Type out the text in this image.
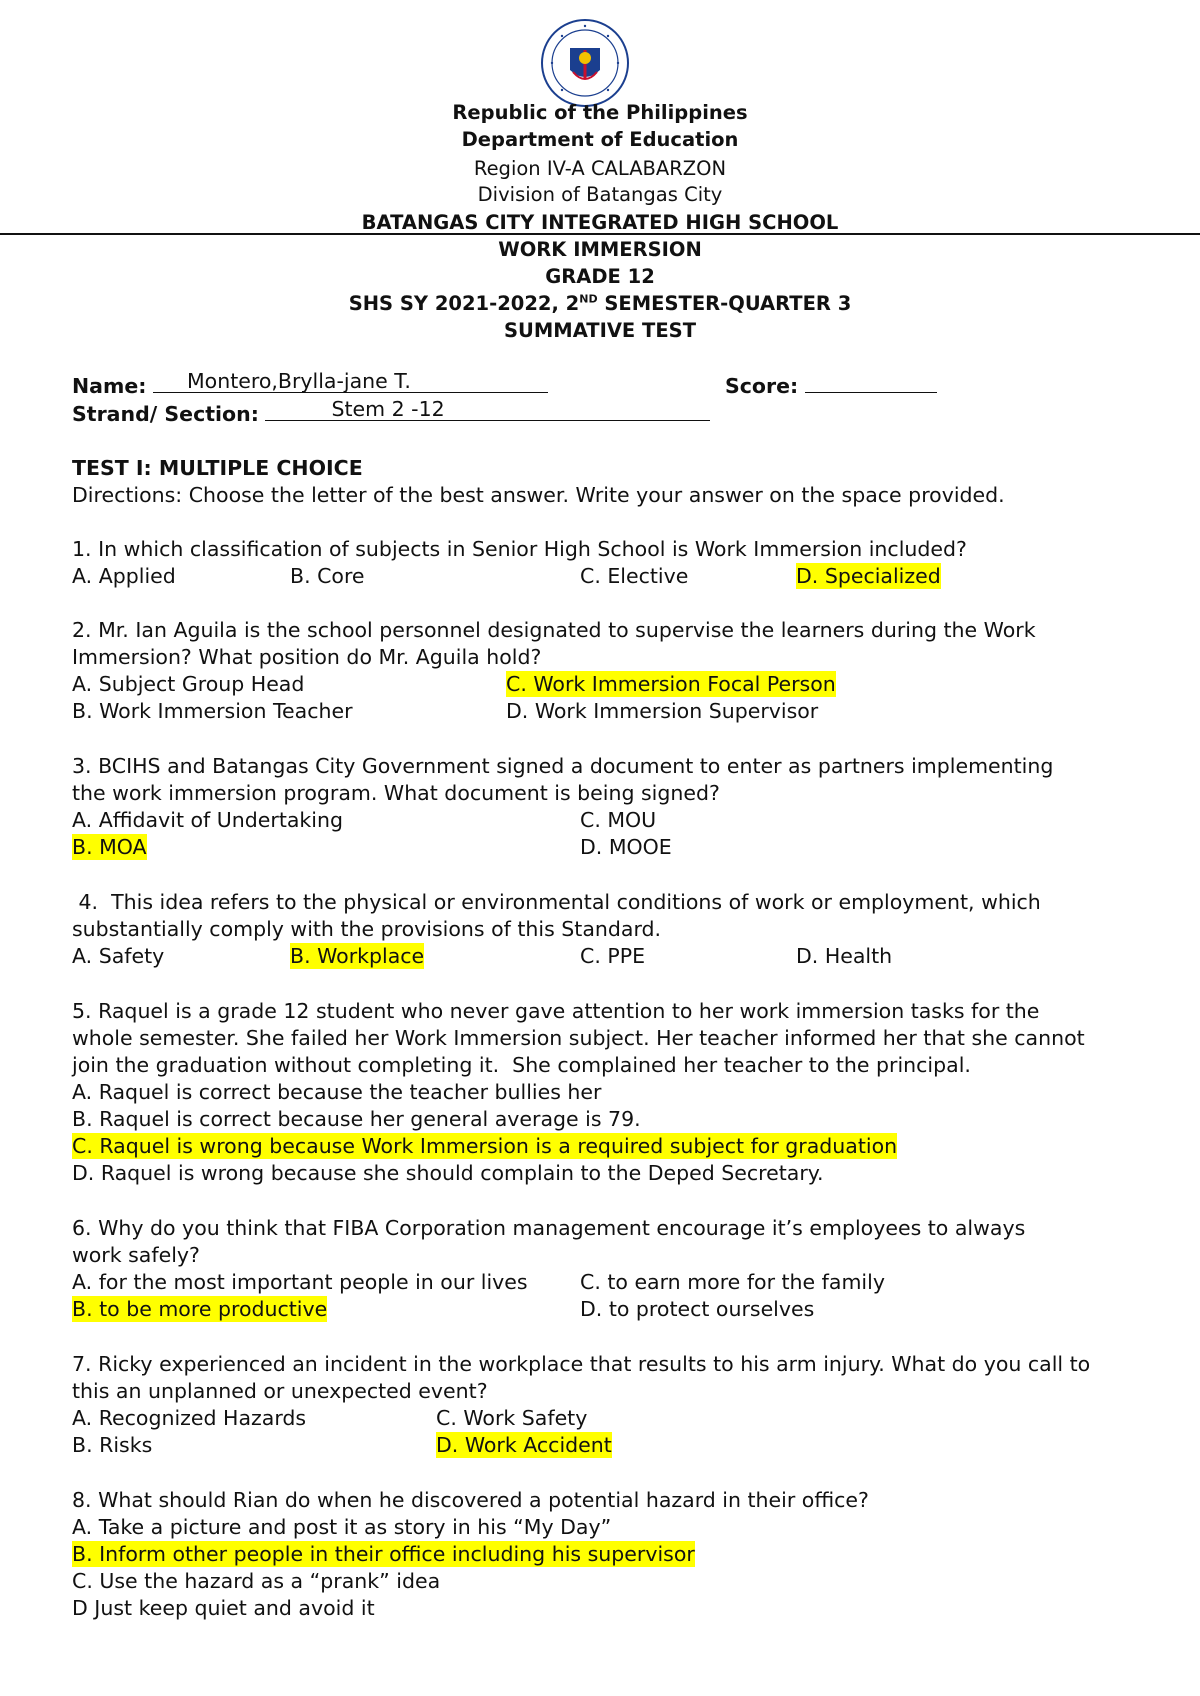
Republic of the Philippines
Department of Education
Region IV-A CALABARZON
Division of Batangas City
BATANGAS CITY INTEGRATED HIGH SCHOOL
WORK IMMERSION
GRADE 12
SHS SY 2021-2022, 2ND SEMESTER-QUARTER 3
SUMMATIVE TEST
Name: Montero,Brylla-jane T.	Score:
Strand/ Section:	Stem 2 -12
TEST I: MULTIPLE CHOICE
Directions: Choose the letter of the best answer. Write your answer on the space provided.
1. In which classification of subjects in Senior High School is Work Immersion included?
A. Applied	B. Core	C. Elective	D. Specialized
2. Mr. Ian Aguila is the school personnel designated to supervise the learners during the Work
Immersion? What position do Mr. Aguila hold?
A. Subject Group Head	C. Work Immersion Focal Person
B. Work Immersion Teacher	D. Work Immersion Supervisor
3. BCIHS and Batangas City Government signed a document to enter as partners implementing
the work immersion program. What document is being signed?
A. Affidavit of Undertaking	C. MOU
B. MOA	D. MOOE
4.  This idea refers to the physical or environmental conditions of work or employment, which
substantially comply with the provisions of this Standard.
A. Safety	B. Workplace	C. PPE	D. Health
5. Raquel is a grade 12 student who never gave attention to her work immersion tasks for the
whole semester. She failed her Work Immersion subject. Her teacher informed her that she cannot
join the graduation without completing it.  She complained her teacher to the principal.
A. Raquel is correct because the teacher bullies her
B. Raquel is correct because her general average is 79.
C. Raquel is wrong because Work Immersion is a required subject for graduation
D. Raquel is wrong because she should complain to the Deped Secretary.
6. Why do you think that FIBA Corporation management encourage it’s employees to always
work safely?
A. for the most important people in our lives	C. to earn more for the family
B. to be more productive	D. to protect ourselves
7. Ricky experienced an incident in the workplace that results to his arm injury. What do you call to
this an unplanned or unexpected event?
A. Recognized Hazards	C. Work Safety
B. Risks	D. Work Accident
8. What should Rian do when he discovered a potential hazard in their office?
A. Take a picture and post it as story in his “My Day”
B. Inform other people in their office including his supervisor
C. Use the hazard as a “prank” idea
D Just keep quiet and avoid it
